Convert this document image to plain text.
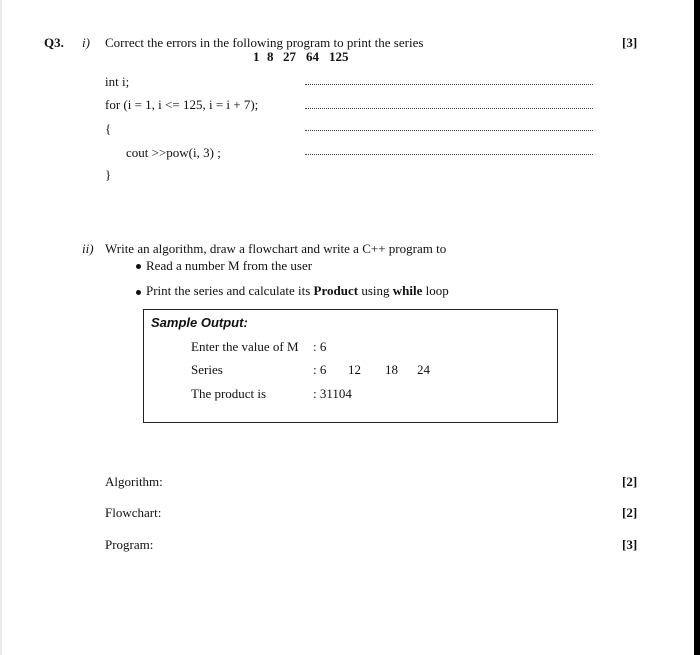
Q3. i) Correct the errors in the following program to print the series	[3]
1 8 27 64 125
int i;
for (i = 1, i <= 125, i = i + 7);
{
cout >>pow(i, 3) ;
}
ii) Write an algorithm, draw a flowchart and write a C++ program to
Read a number M from the user
Print the series and calculate its Product using while loop
Sample Output:
Enter the value of M : 6
Series	: 6 12 18 24
The product is	: 31104
Algorithm:	[2]
Flowchart:	[2]
Program:	[3]
